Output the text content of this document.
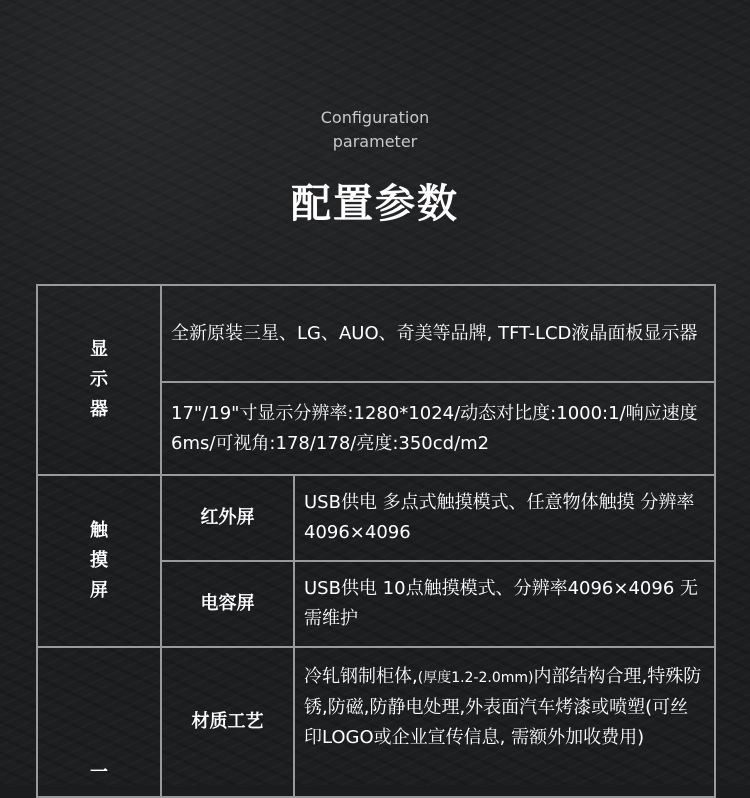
Configuration
parameter
配置参数
显
示
器	全新原装三星、LG、AUO、奇美等品牌, TFT-LCD液晶面板显示器	
	17"/19"寸显示分辨率:1280*1024/动态对比度:1000:1/响应速度6ms/可视角:178/178/亮度:350cd/m2	

触
摸
屏	红外屏	USB供电 多点式触摸模式、任意物体触摸 分辨率4096×4096
	电容屏	USB供电 10点触摸模式、分辨率4096×4096 无需维护

一	材质工艺	冷轧钢制柜体,(厚度1.2-2.0mm)内部结构合理,特殊防锈,防磁,防静电处理,外表面汽车烤漆或喷塑(可丝印LOGO或企业宣传信息, 需额外加收费用)
